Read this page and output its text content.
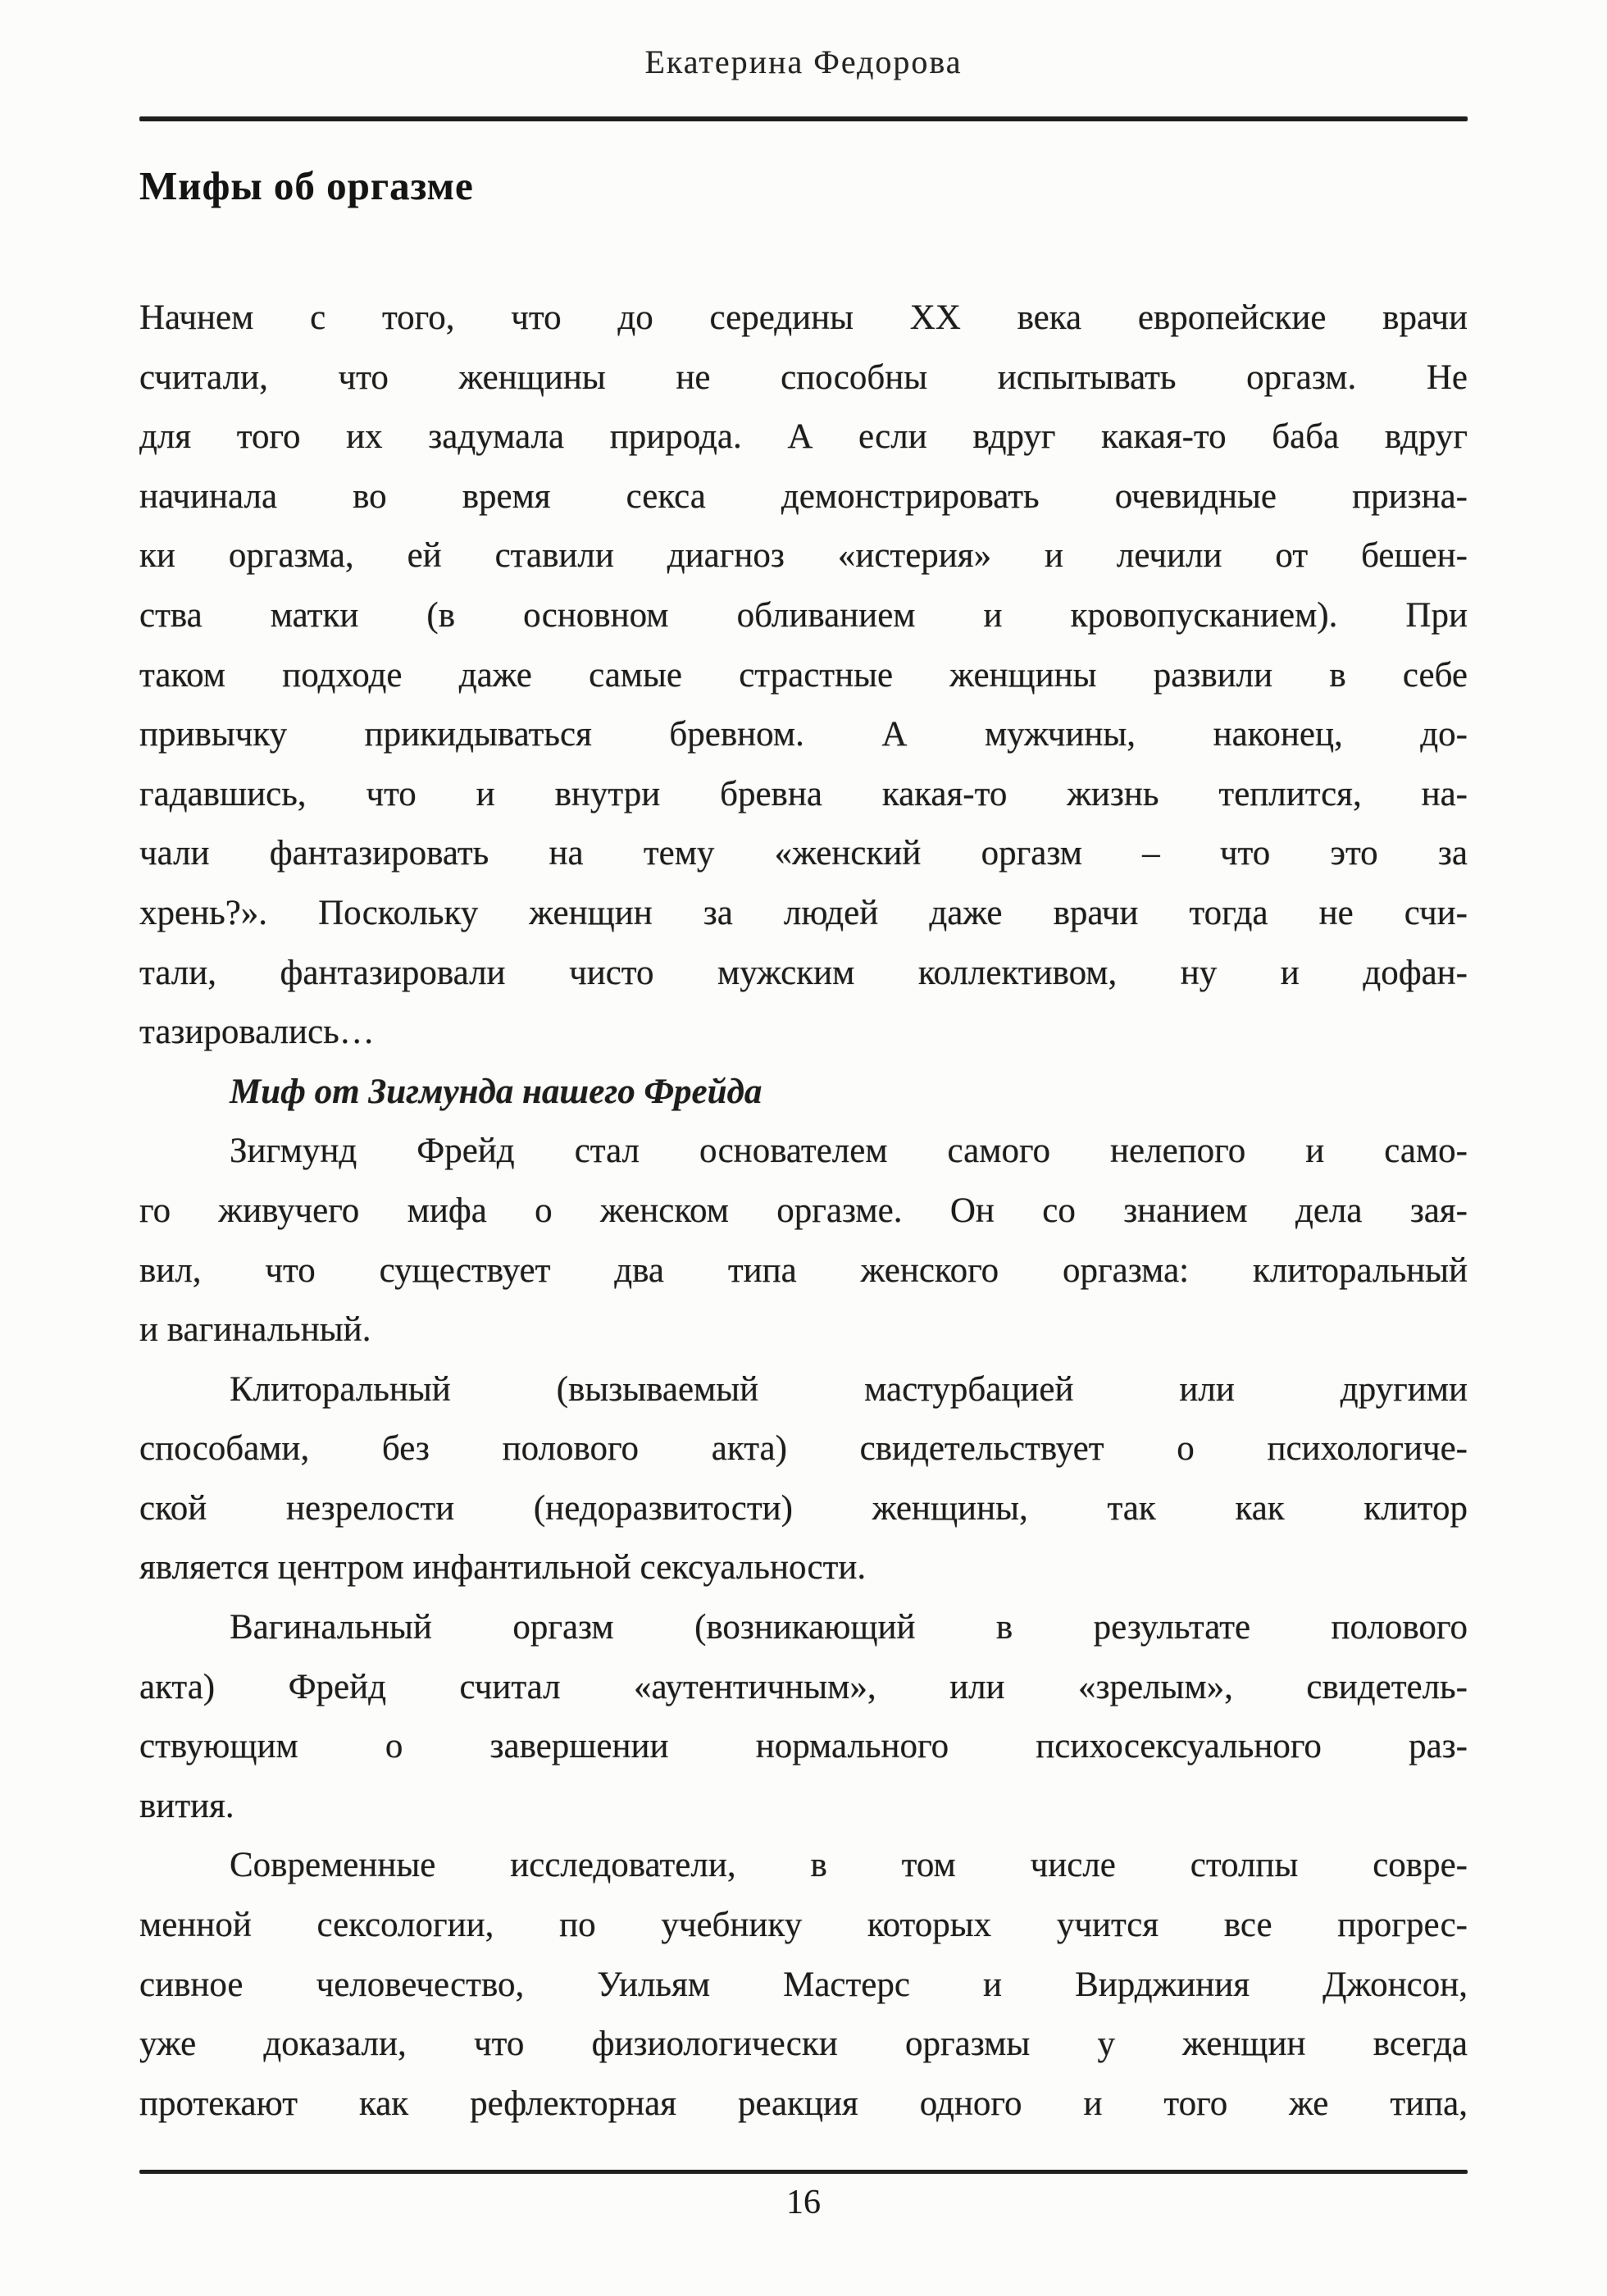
Екатерина Федорова
Мифы об оргазме
Начнем с того, что до середины XX века европейские врачи
считали, что женщины не способны испытывать оргазм. Не
для того их задумала природа. А если вдруг какая-то баба вдруг
начинала во время секса демонстрировать очевидные призна-
ки оргазма, ей ставили диагноз «истерия» и лечили от бешен-
ства матки (в основном обливанием и кровопусканием). При
таком подходе даже самые страстные женщины развили в себе
привычку прикидываться бревном. А мужчины, наконец, до-
гадавшись, что и внутри бревна какая-то жизнь теплится, на-
чали фантазировать на тему «женский оргазм – что это за
хрень?». Поскольку женщин за людей даже врачи тогда не счи-
тали, фантазировали чисто мужским коллективом, ну и дофан-
тазировались…
Миф от Зигмунда нашего Фрейда
Зигмунд Фрейд стал основателем самого нелепого и само-
го живучего мифа о женском оргазме. Он со знанием дела зая-
вил, что существует два типа женского оргазма: клиторальный
и вагинальный.
Клиторальный (вызываемый мастурбацией или другими
способами, без полового акта) свидетельствует о психологиче-
ской незрелости (недоразвитости) женщины, так как клитор
является центром инфантильной сексуальности.
Вагинальный оргазм (возникающий в результате полового
акта) Фрейд считал «аутентичным», или «зрелым», свидетель-
ствующим о завершении нормального психосексуального раз-
вития.
Современные исследователи, в том числе столпы совре-
менной сексологии, по учебнику которых учится все прогрес-
сивное человечество, Уильям Мастерс и Вирджиния Джонсон,
уже доказали, что физиологически оргазмы у женщин всегда
протекают как рефлекторная реакция одного и того же типа,
16
